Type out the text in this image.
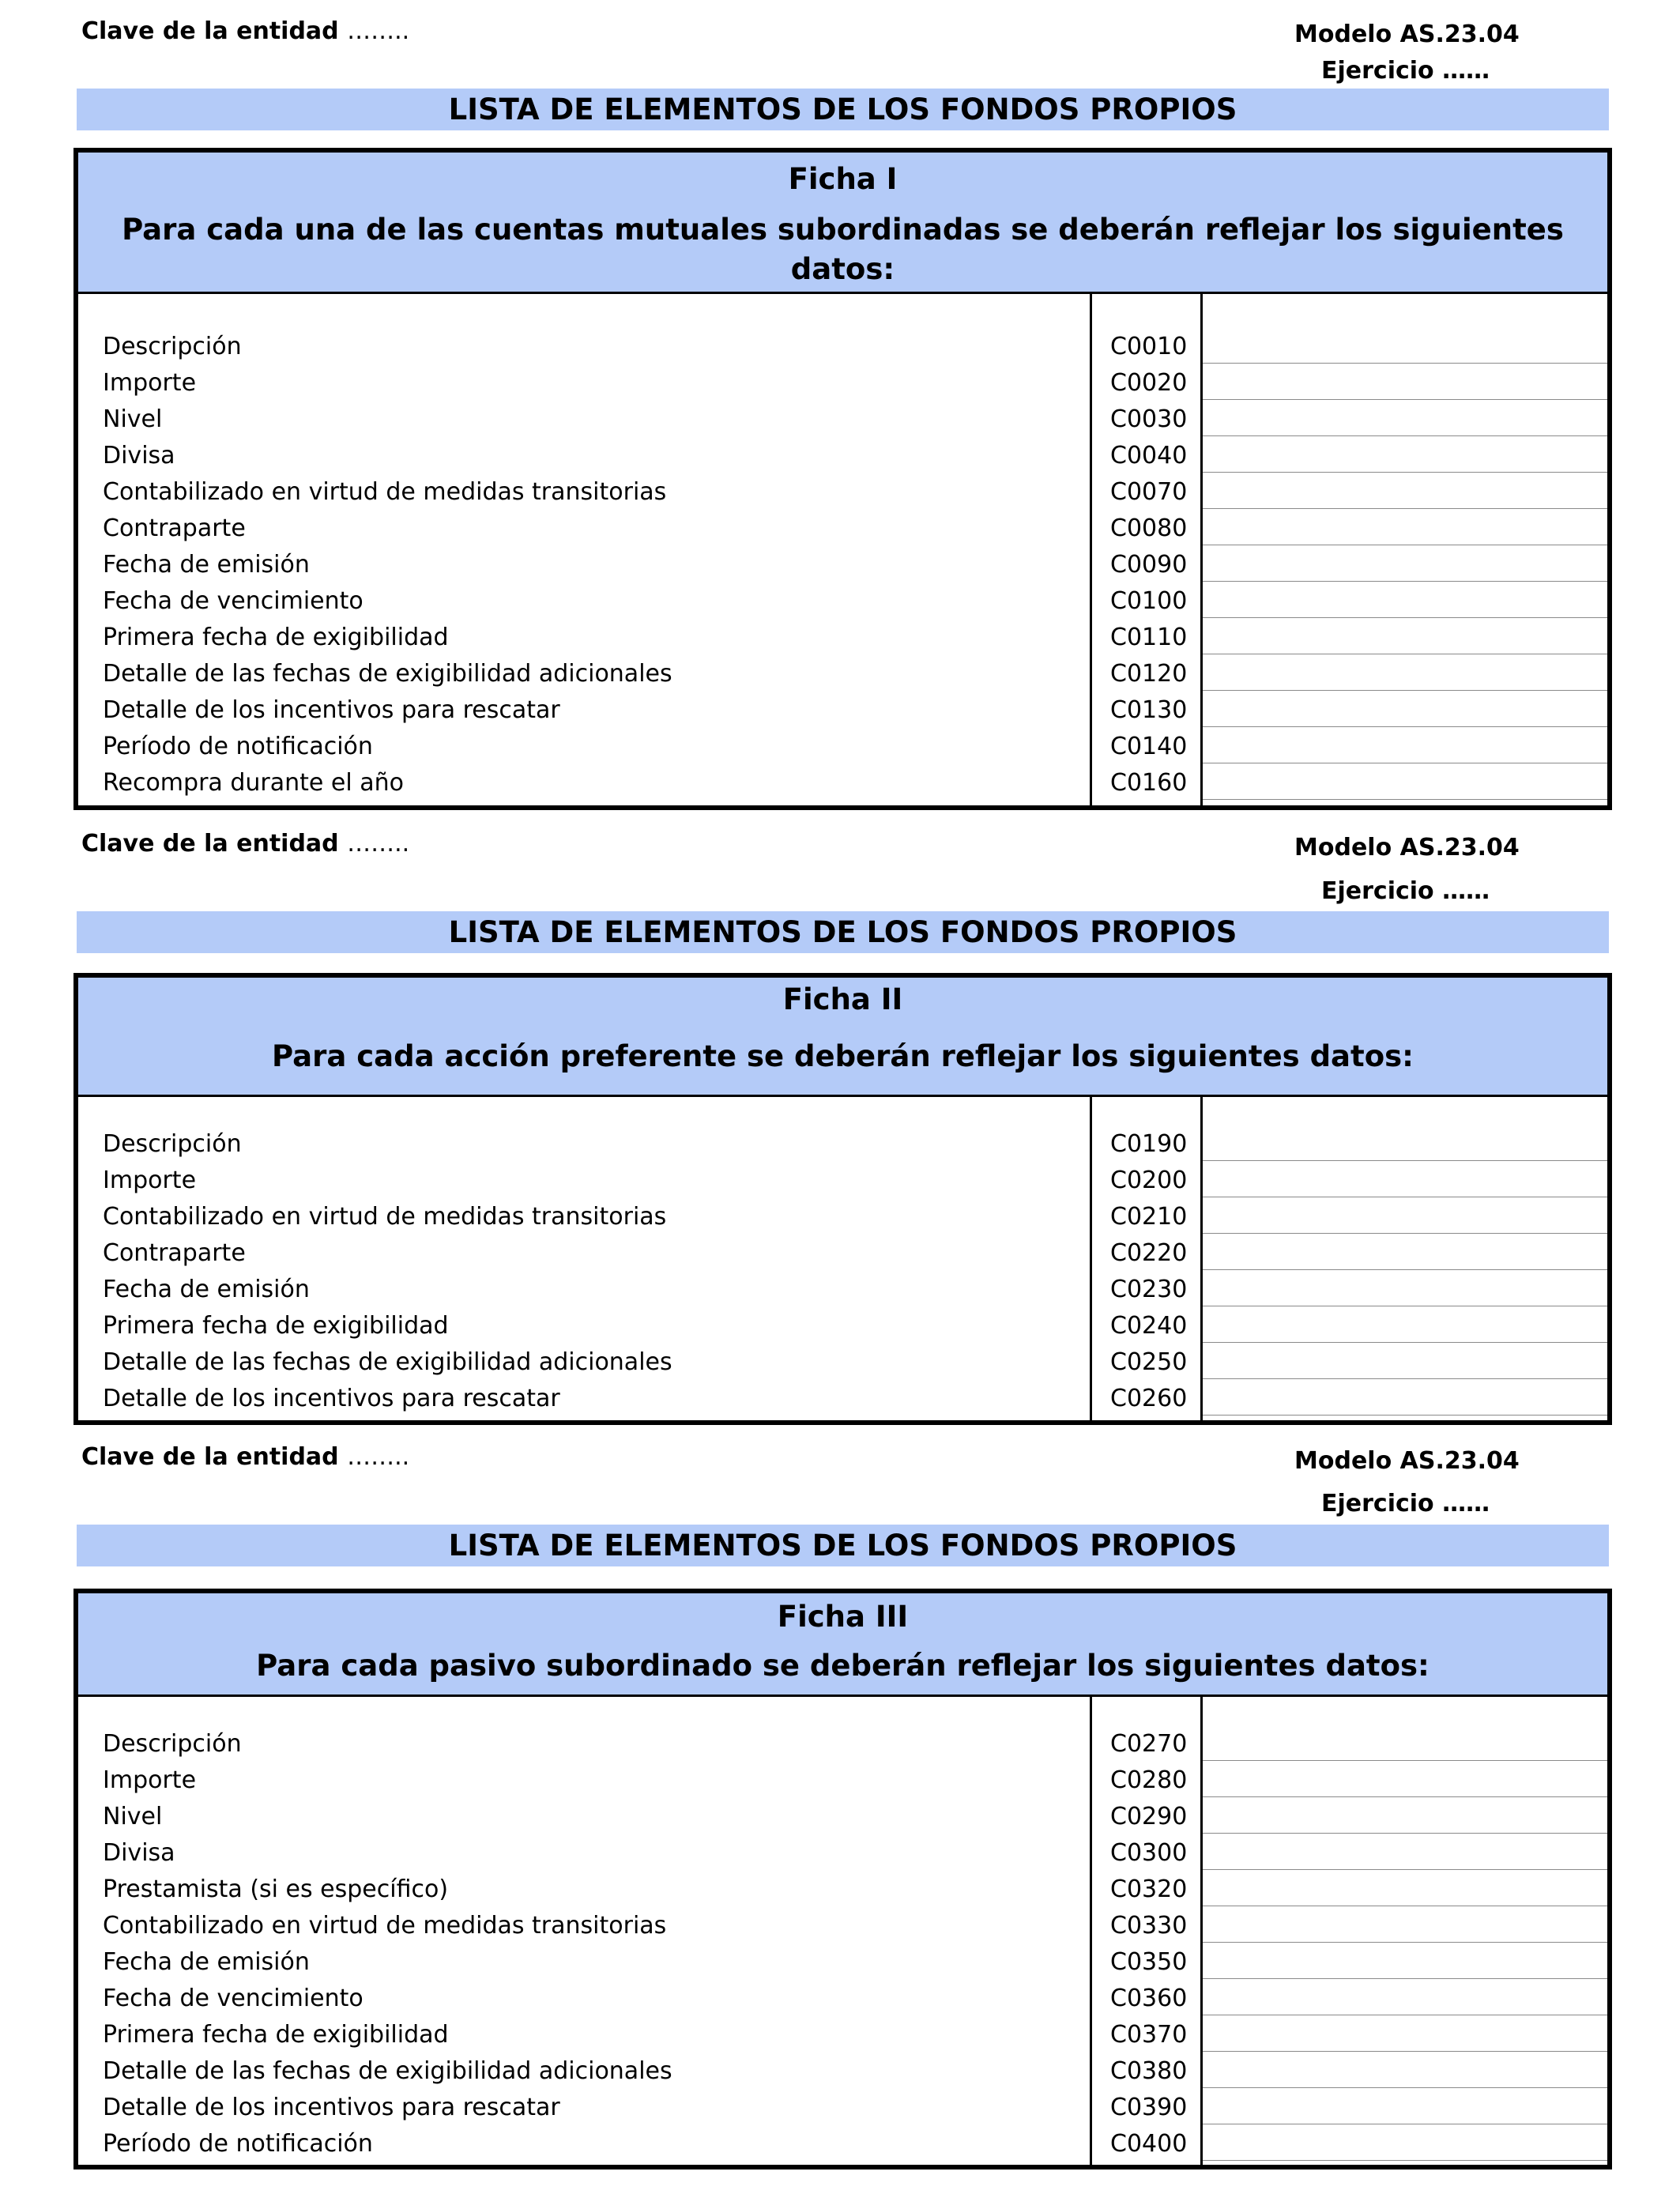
Clave de la entidad ……..	Modelo AS.23.04
Ejercicio ……
LISTA DE ELEMENTOS DE LOS FONDOS PROPIOS
Ficha I
Para cada una de las cuentas mutuales subordinadas se deberán reflejar los siguientes datos:
Descripción	C0010
Importe	C0020
Nivel	C0030
Divisa	C0040
Contabilizado en virtud de medidas transitorias	C0070
Contraparte	C0080
Fecha de emisión	C0090
Fecha de vencimiento	C0100
Primera fecha de exigibilidad	C0110
Detalle de las fechas de exigibilidad adicionales	C0120
Detalle de los incentivos para rescatar	C0130
Período de notificación	C0140
Recompra durante el año	C0160
Clave de la entidad ……..	Modelo AS.23.04
Ejercicio ……
LISTA DE ELEMENTOS DE LOS FONDOS PROPIOS
Ficha II
Para cada acción preferente se deberán reflejar los siguientes datos:
Descripción	C0190
Importe	C0200
Contabilizado en virtud de medidas transitorias	C0210
Contraparte	C0220
Fecha de emisión	C0230
Primera fecha de exigibilidad	C0240
Detalle de las fechas de exigibilidad adicionales	C0250
Detalle de los incentivos para rescatar	C0260
Clave de la entidad ……..	Modelo AS.23.04
Ejercicio ……
LISTA DE ELEMENTOS DE LOS FONDOS PROPIOS
Ficha III
Para cada pasivo subordinado se deberán reflejar los siguientes datos:
Descripción	C0270
Importe	C0280
Nivel	C0290
Divisa	C0300
Prestamista (si es específico)	C0320
Contabilizado en virtud de medidas transitorias	C0330
Fecha de emisión	C0350
Fecha de vencimiento	C0360
Primera fecha de exigibilidad	C0370
Detalle de las fechas de exigibilidad adicionales	C0380
Detalle de los incentivos para rescatar	C0390
Período de notificación	C0400
